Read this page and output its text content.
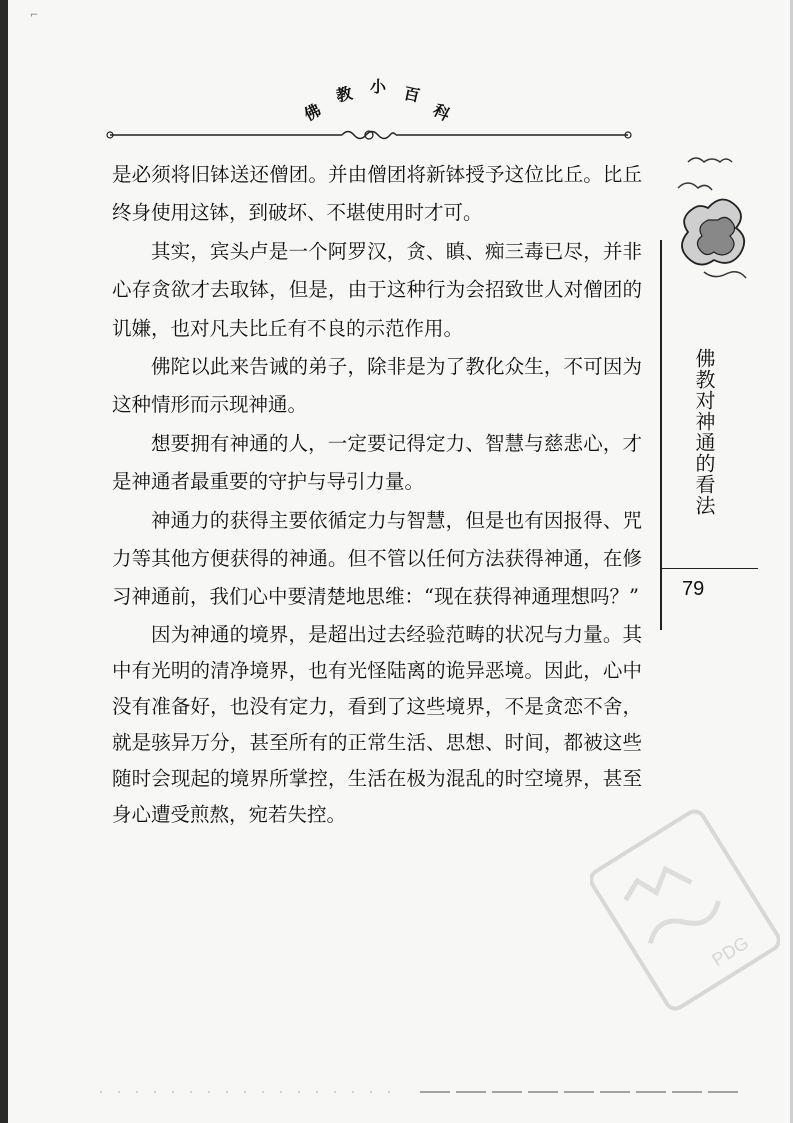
⌐
佛
教 小 百
科

是必须将旧钵送还僧团。并由僧团将新钵授予这位比丘。比丘终身使用这钵，到破坏、不堪使用时才可。

其实，宾头卢是一个阿罗汉，贪、瞋、痴三毒已尽，并非心存贪欲才去取钵，但是，由于这种行为会招致世人对僧团的讥嫌，也对凡夫比丘有不良的示范作用。

佛陀以此来告诫的弟子，除非是为了教化众生，不可因为这种情形而示现神通。

想要拥有神通的人，一定要记得定力、智慧与慈悲心，才是神通者最重要的守护与导引力量。

神通力的获得主要依循定力与智慧，但是也有因报得、咒力等其他方便获得的神通。但不管以任何方法获得神通，在修习神通前，我们心中要清楚地思维：“现在获得神通理想吗？”

因为神通的境界，是超出过去经验范畴的状况与力量。其中有光明的清净境界，也有光怪陆离的诡异恶境。因此，心中没有准备好，也没有定力，看到了这些境界，不是贪恋不舍，就是骇异万分，甚至所有的正常生活、思想、时间，都被这些随时会现起的境界所掌控，生活在极为混乱的时空境界，甚至身心遭受煎熬，宛若失控。

佛教对神通的看法
79
PDG
